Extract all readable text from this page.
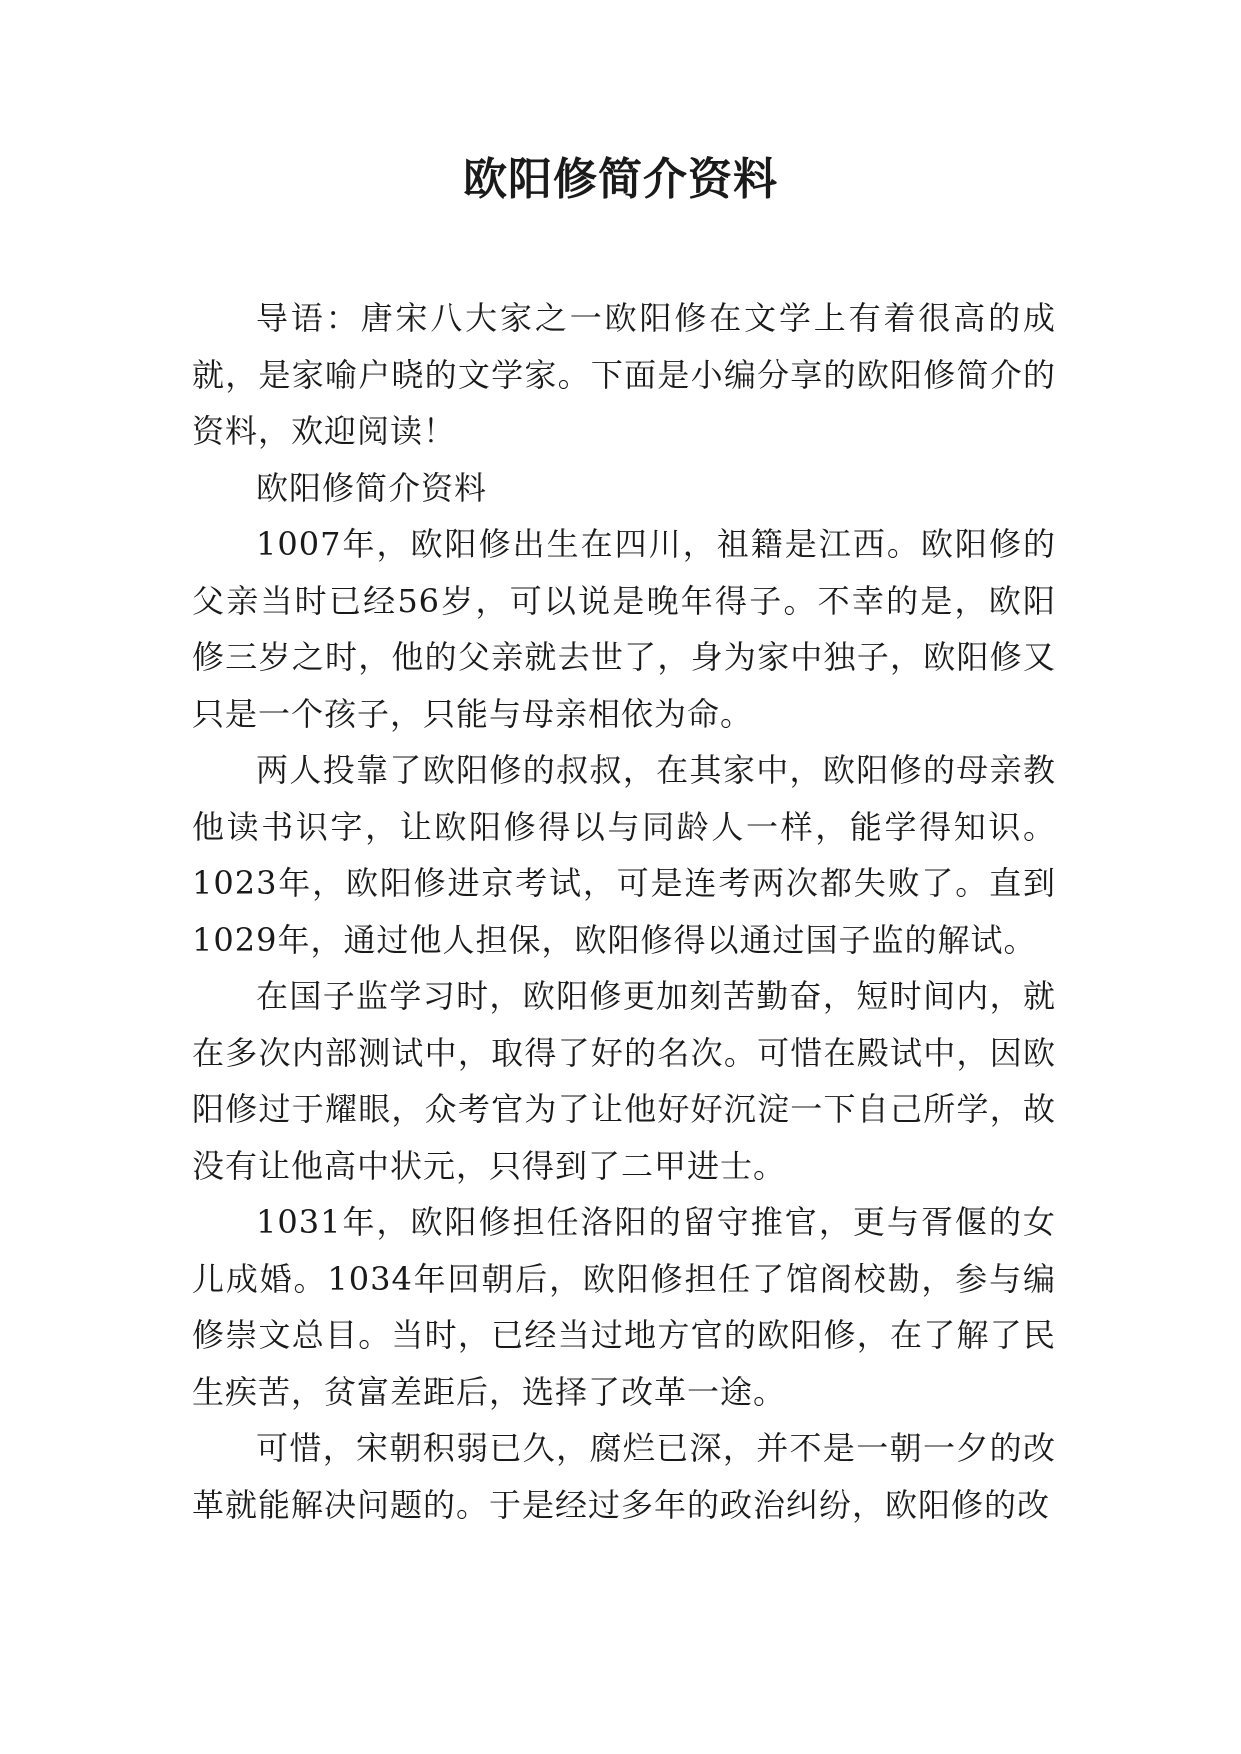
欧阳修简介资料

导语：唐宋八大家之一欧阳修在文学上有着很高的成就，是家喻户晓的文学家。下面是小编分享的欧阳修简介的资料，欢迎阅读！

欧阳修简介资料

1007年，欧阳修出生在四川，祖籍是江西。欧阳修的父亲当时已经56岁，可以说是晚年得子。不幸的是，欧阳修三岁之时，他的父亲就去世了，身为家中独子，欧阳修又只是一个孩子，只能与母亲相依为命。

两人投靠了欧阳修的叔叔，在其家中，欧阳修的母亲教他读书识字，让欧阳修得以与同龄人一样，能学得知识。1023年，欧阳修进京考试，可是连考两次都失败了。直到1029年，通过他人担保，欧阳修得以通过国子监的解试。

在国子监学习时，欧阳修更加刻苦勤奋，短时间内，就在多次内部测试中，取得了好的名次。可惜在殿试中，因欧阳修过于耀眼，众考官为了让他好好沉淀一下自己所学，故没有让他高中状元，只得到了二甲进士。

1031年，欧阳修担任洛阳的留守推官，更与胥偃的女儿成婚。1034年回朝后，欧阳修担任了馆阁校勘，参与编修崇文总目。当时，已经当过地方官的欧阳修，在了解了民生疾苦，贫富差距后，选择了改革一途。

可惜，宋朝积弱已久，腐烂已深，并不是一朝一夕的改革就能解决问题的。于是经过多年的政治纠纷，欧阳修的改
